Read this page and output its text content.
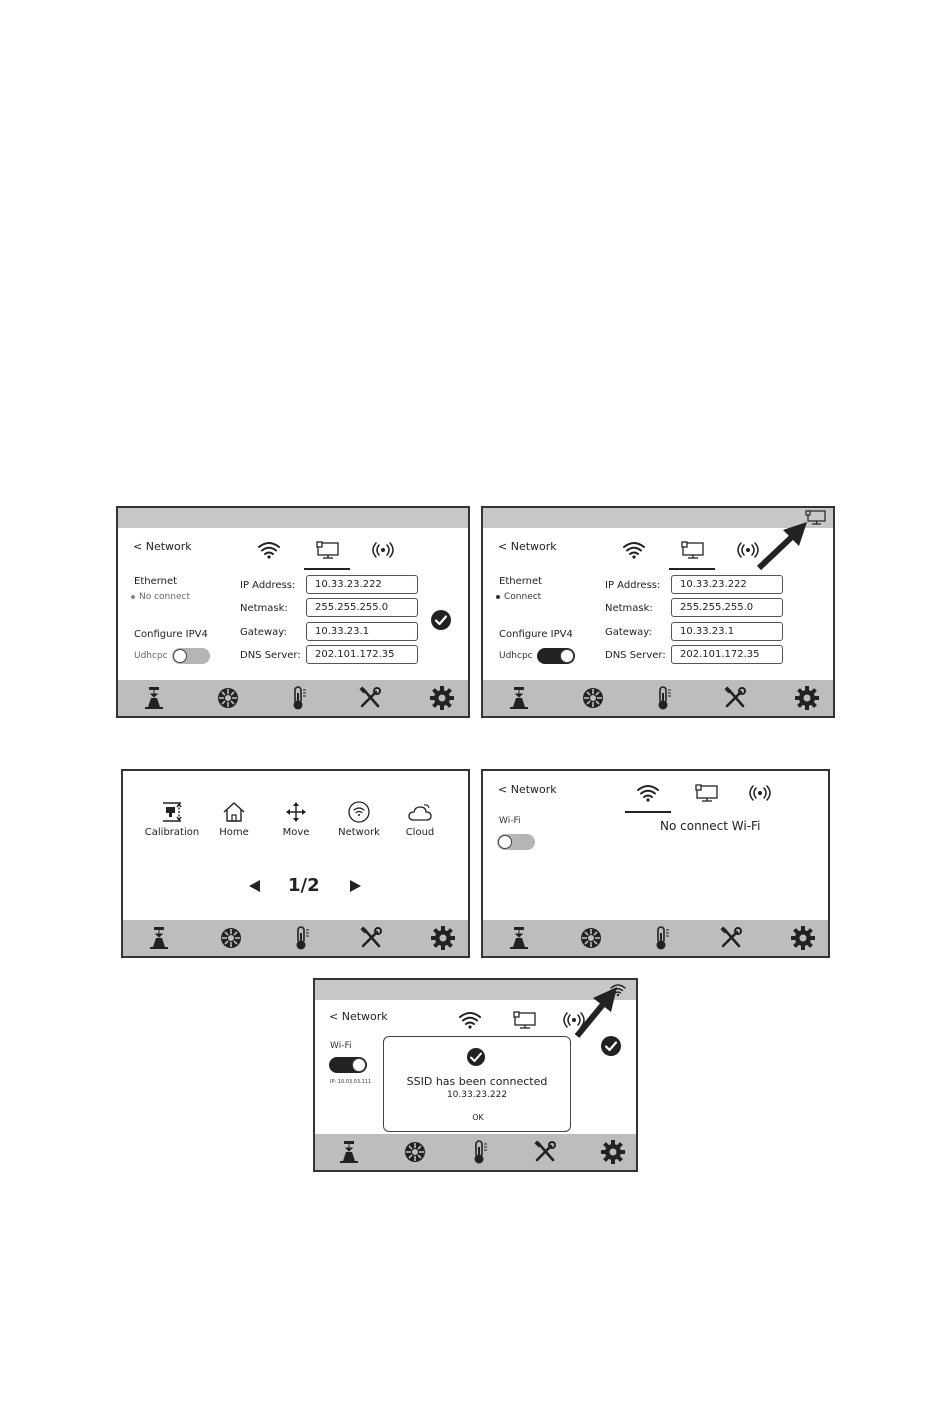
< Network
Ethernet
No connect
Configure IPV4
Udhcpc
IP Address:	10.33.23.222
Netmask:	255.255.255.0
Gateway:	10.33.23.1
DNS Server:	202.101.172.35
< Network
Ethernet
Connect
Configure IPV4
Udhcpc
IP Address:	10.33.23.222
Netmask:	255.255.255.0
Gateway:	10.33.23.1
DNS Server:	202.101.172.35
Calibration	Home	Move	Network	Cloud
1/2
< Network
Wi-Fi	No connect Wi-Fi
< Network
Wi-Fi
IP: 10.03.03.111	SSID has been connected
10.33.23.222
OK
